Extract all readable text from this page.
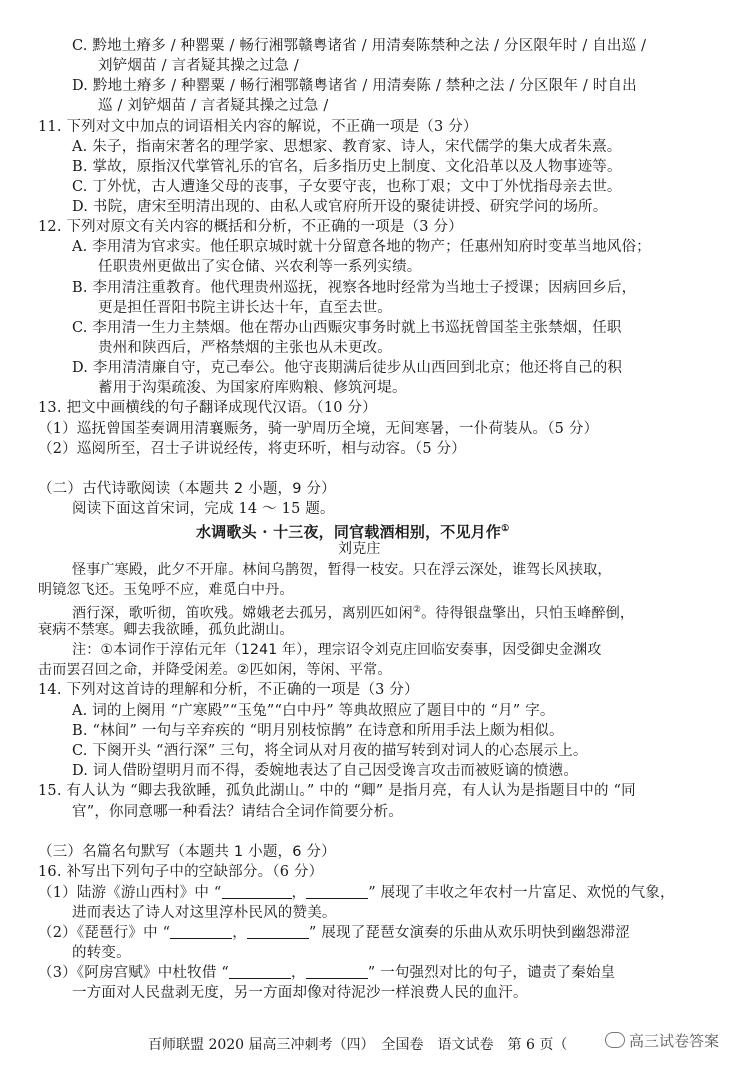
C. 黔地土瘠多 / 种罂粟 / 畅行湘鄂赣粤诸省 / 用清奏陈禁种之法 / 分区限年时 / 自出巡 /
刘铲烟苗 / 言者疑其操之过急 /
D. 黔地土瘠多 / 种罂粟 / 畅行湘鄂赣粤诸省 / 用清奏陈 / 禁种之法 / 分区限年 / 时自出
巡 / 刘铲烟苗 / 言者疑其操之过急 /
11. 下列对文中加点的词语相关内容的解说，不正确一项是（3 分）
A. 朱子，指南宋著名的理学家、思想家、教育家、诗人，宋代儒学的集大成者朱熹。
B. 掌故，原指汉代掌管礼乐的官名，后多指历史上制度、文化沿革以及人物事迹等。
C. 丁外忧，古人遭逢父母的丧事，子女要守丧，也称丁艰；文中丁外忧指母亲去世。
D. 书院，唐宋至明清出现的、由私人或官府所开设的聚徒讲授、研究学问的场所。
12. 下列对原文有关内容的概括和分析，不正确的一项是（3 分）
A. 李用清为官求实。他任职京城时就十分留意各地的物产；任惠州知府时变革当地风俗；
任职贵州更做出了实仓储、兴农利等一系列实绩。
B. 李用清注重教育。他代理贵州巡抚，视察各地时经常为当地士子授课；因病回乡后，
更是担任晋阳书院主讲长达十年，直至去世。
C. 李用清一生力主禁烟。他在帮办山西赈灾事务时就上书巡抚曾国荃主张禁烟，任职
贵州和陕西后，严格禁烟的主张也从未更改。
D. 李用清清廉自守，克己奉公。他守丧期满后徒步从山西回到北京；他还将自己的积
蓄用于沟渠疏浚、为国家府库购粮、修筑河堤。
13. 把文中画横线的句子翻译成现代汉语。（10 分）
（1）巡抚曾国荃奏调用清襄赈务，骑一驴周历全境，无间寒暑，一仆荷装从。（5 分）
（2）巡阅所至，召士子讲说经传，将吏环听，相与动容。（5 分）
（二）古代诗歌阅读（本题共 2 小题，9 分）
阅读下面这首宋词，完成 14 ～ 15 题。
水调歌头 · 十三夜，同官载酒相别，不见月作①
刘克庄
怪事广寒殿，此夕不开扉。林间乌鹊贺，暂得一枝安。只在浮云深处，谁驾长风挟取，
明镜忽飞还。玉兔呼不应，难觅白中丹。
酒行深，歌听彻，笛吹残。嫦娥老去孤另，离别匹如闲②。待得银盘擎出，只怕玉峰醉倒，
衰病不禁寒。卿去我欲睡，孤负此湖山。
注：①本词作于淳佑元年（1241 年），理宗诏令刘克庄回临安奏事，因受御史金渊攻
击而罢召回之命，并降受闲差。②匹如闲，等闲、平常。
14. 下列对这首诗的理解和分析，不正确的一项是（3 分）
A. 词的上阕用 “广寒殿”“玉兔”“白中丹” 等典故照应了题目中的 “月” 字。
B. “林间” 一句与辛弃疾的 “明月别枝惊鹊” 在诗意和所用手法上颇为相似。
C. 下阕开头 “酒行深” 三句，将全词从对月夜的描写转到对词人的心态展示上。
D. 词人借盼望明月而不得，委婉地表达了自己因受谗言攻击而被贬谪的愤懑。
15. 有人认为 “卿去我欲睡，孤负此湖山。” 中的 “卿” 是指月亮，有人认为是指题目中的 “同
官”，你同意哪一种看法？请结合全词作简要分析。
（三）名篇名句默写（本题共 1 小题，6 分）
16. 补写出下列句子中的空缺部分。（6 分）
（1）陆游《游山西村》中 “	，	” 展现了丰收之年农村一片富足、欢悦的气象，
进而表达了诗人对这里淳朴民风的赞美。
（2）《琵琶行》中 “	，	” 展现了琵琶女演奏的乐曲从欢乐明快到幽怨滞涩
的转变。
（3）《阿房宫赋》中杜牧借 “	，	” 一句强烈对比的句子，谴责了秦始皇
一方面对人民盘剥无度，另一方面却像对待泥沙一样浪费人民的血汗。
百师联盟 2020 届高三冲刺考（四）　全国卷　语文试卷　第 6 页（	高三试卷答案
